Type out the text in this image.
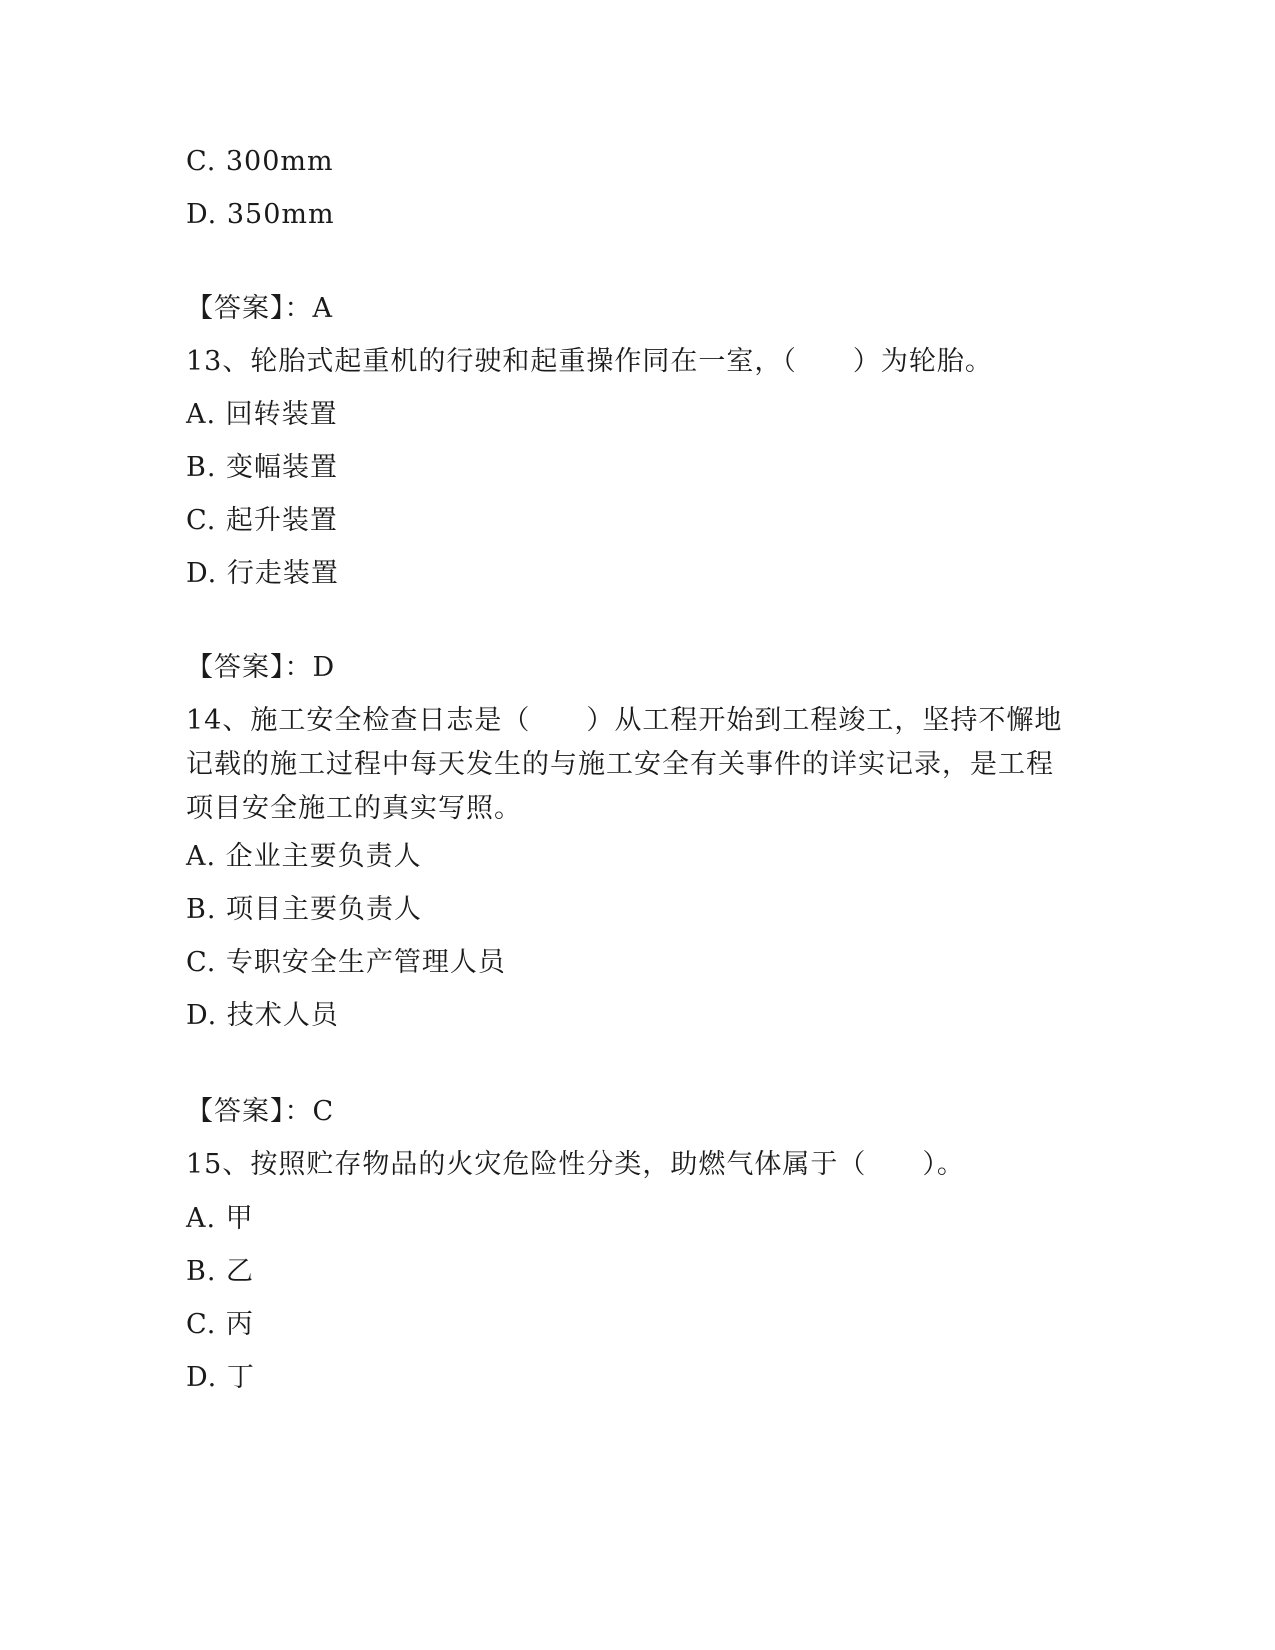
C. 300mm
D. 350mm
【答案】：A
13、轮胎式起重机的行驶和起重操作同在一室，（　　）为轮胎。
A. 回转装置
B. 变幅装置
C. 起升装置
D. 行走装置
【答案】：D
14、施工安全检查日志是（　　）从工程开始到工程竣工，坚持不懈地记载的施工过程中每天发生的与施工安全有关事件的详实记录，是工程项目安全施工的真实写照。
A. 企业主要负责人
B. 项目主要负责人
C. 专职安全生产管理人员
D. 技术人员
【答案】：C
15、按照贮存物品的火灾危险性分类，助燃气体属于（　　）。
A. 甲
B. 乙
C. 丙
D. 丁
